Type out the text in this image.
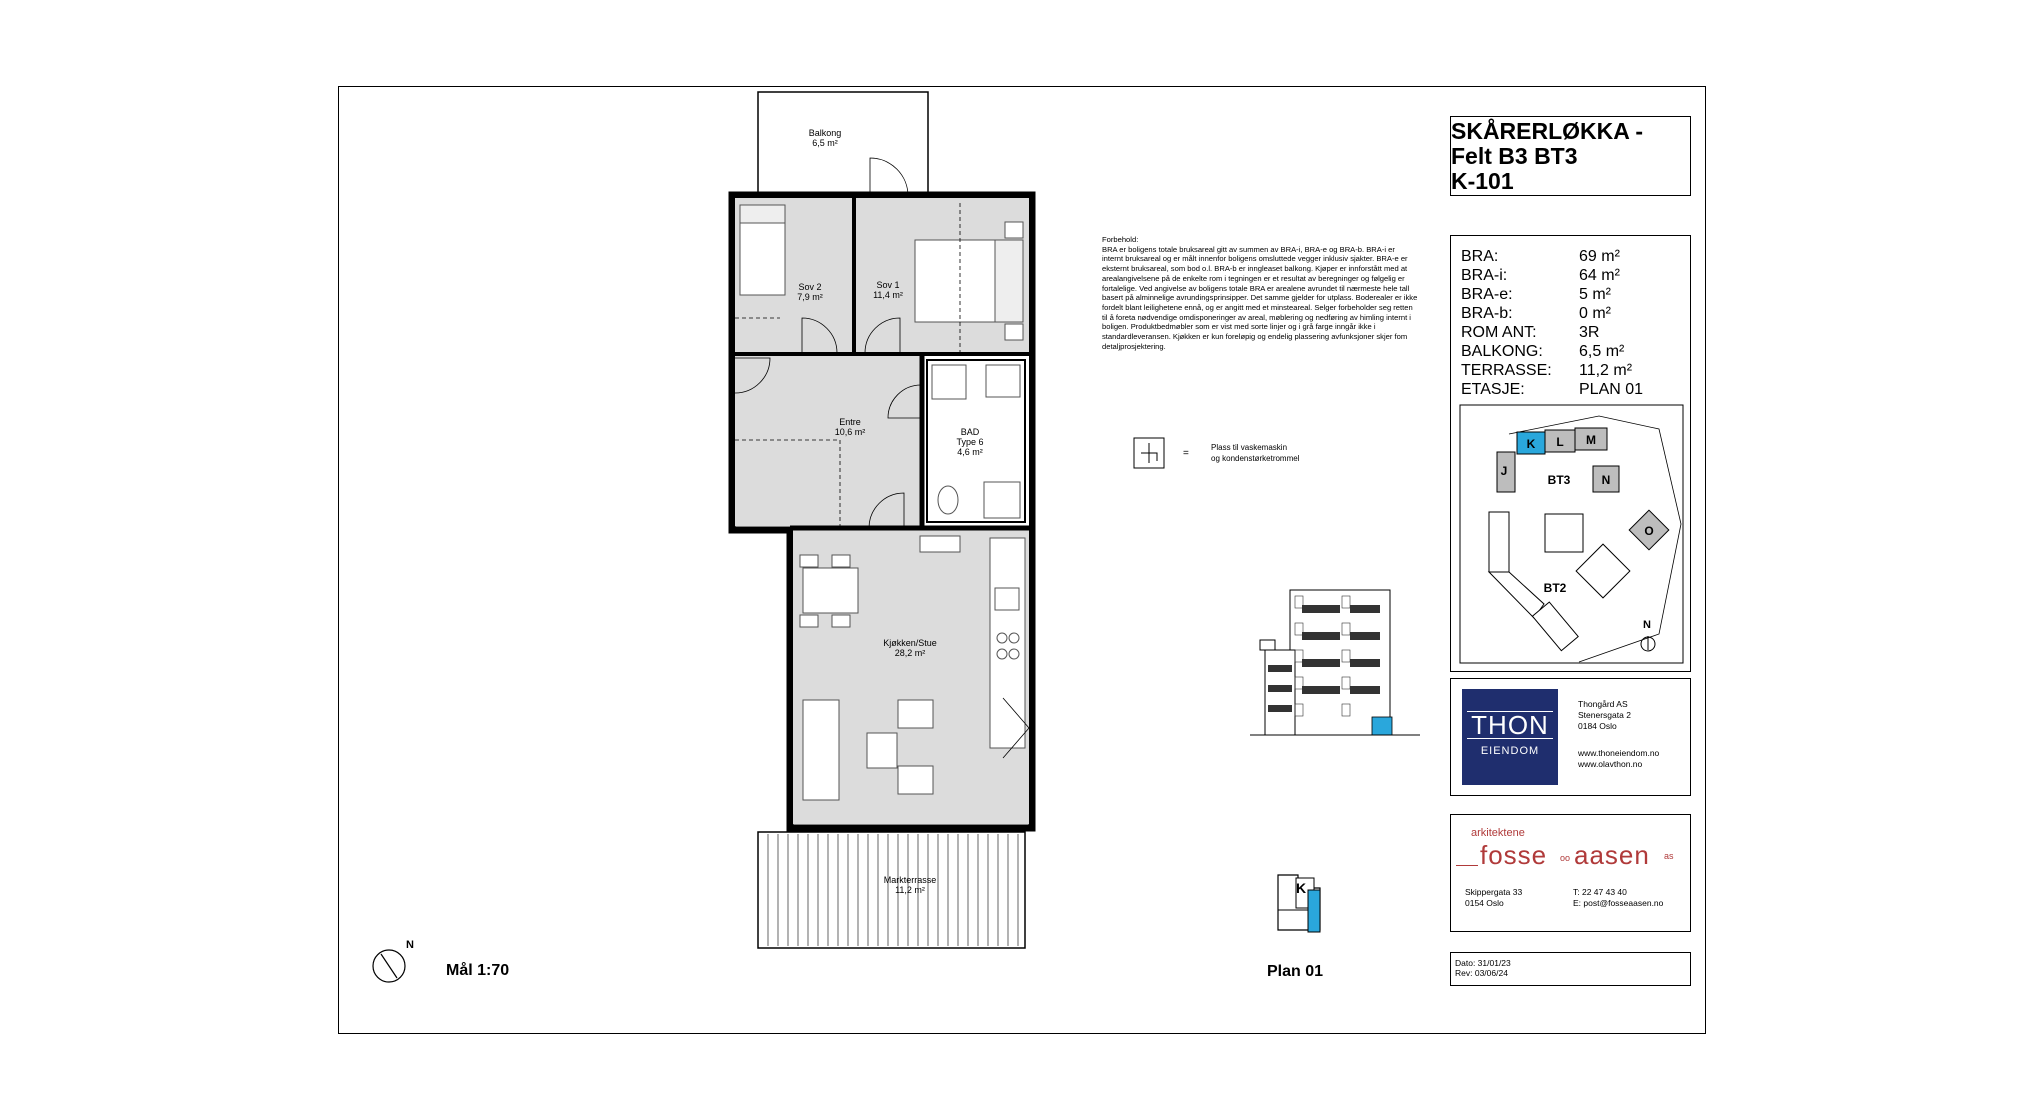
Balkong
6,5 m²
Sov 2
7,9 m²
Sov 1
11,4 m²
Entre
10,6 m²	BAD
Type 6
4,6 m²
Kjøkken/Stue
28,2 m²
Markterrasse
11,2 m²
N
Mål 1:70
Forbehold:
BRA er boligens totale bruksareal gitt av summen av BRA-i, BRA-e og BRA-b. BRA-i er internt bruksareal og er målt innenfor boligens omsluttede vegger inklusiv sjakter. BRA-e er eksternt bruksareal, som bod o.l. BRA-b er inngleaset balkong. Kjøper er innforstått med at arealangivelsene på de enkelte rom i tegningen er et resultat av beregninger og følgelig er fortalelige. Ved angivelse av boligens totale BRA er arealene avrundet til nærmeste hele tall basert på alminnelige avrundingsprinsipper. Det samme gjelder for utplass. Boderealer er ikke fordelt blant leilighetene ennå, og er angitt med et minsteareal. Selger forbeholder seg retten til å foreta nødvendige omdisponeringer av areal, møblering og nedføring av himling internt i boligen. Produktbedmøbler som er vist med sorte linjer og i grå farge inngår ikke i standardleveransen. Kjøkken er kun foreløpig og endelig plassering avfunksjoner skjer fom detaljprosjektering.
=
Plass til vaskemaskin
og kondenstørketrommel
K
Plan 01
SKÅRERLØKKA -
Felt B3 BT3
K-101
BRA:	69 m²
BRA-i:	64 m²
BRA-e:	5 m²
BRA-b:	0 m²
ROM ANT:	3R
BALKONG: 6,5 m²
TERRASSE: 11,2 m²
ETASJE:	PLAN 01
J
K L M
N
O
BT3
BT2
N
THON
EIENDOM
Thongård AS
Stenersgata 2
0184 Oslo
www.thoneiendom.no
www.olavthon.no
arkitektene
fosse oo aasen as
Skippergata 33
0154 Oslo
T: 22 47 43 40
E: post@fosseaasen.no
Dato: 31/01/23
Rev: 03/06/24
